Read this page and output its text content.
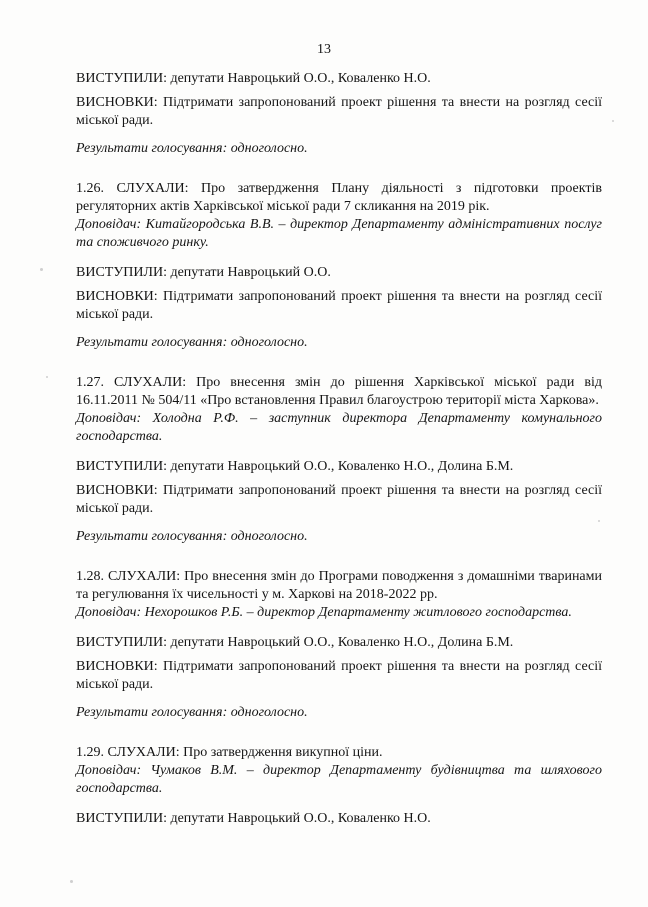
13

ВИСТУПИЛИ: депутати Навроцький О.О., Коваленко Н.О.

ВИСНОВКИ: Підтримати запропонований проект рішення та внести на розгляд сесії міської ради.

Результати голосування: одноголосно.

1.26. СЛУХАЛИ: Про затвердження Плану діяльності з підготовки проектів регуляторних актів Харківської міської ради 7 скликання на 2019 рік.

Доповідач: Китайгородська В.В. – директор Департаменту адміністративних послуг та споживчого ринку.

ВИСТУПИЛИ: депутати Навроцький О.О.

ВИСНОВКИ: Підтримати запропонований проект рішення та внести на розгляд сесії міської ради.

Результати голосування: одноголосно.

1.27. СЛУХАЛИ: Про внесення змін до рішення Харківської міської ради від 16.11.2011 № 504/11 «Про встановлення Правил благоустрою території міста Харкова».

Доповідач: Холодна Р.Ф. – заступник директора Департаменту комунального господарства.

ВИСТУПИЛИ: депутати Навроцький О.О., Коваленко Н.О., Долина Б.М.

ВИСНОВКИ: Підтримати запропонований проект рішення та внести на розгляд сесії міської ради.

Результати голосування: одноголосно.

1.28. СЛУХАЛИ: Про внесення змін до Програми поводження з домашніми тваринами та регулювання їх чисельності у м. Харкові на 2018-2022 рр.

Доповідач: Нехорошков Р.Б. – директор Департаменту житлового господарства.

ВИСТУПИЛИ: депутати Навроцький О.О., Коваленко Н.О., Долина Б.М.

ВИСНОВКИ: Підтримати запропонований проект рішення та внести на розгляд сесії міської ради.

Результати голосування: одноголосно.

1.29. СЛУХАЛИ: Про затвердження викупної ціни.

Доповідач: Чумаков В.М. – директор Департаменту будівництва та шляхового господарства.

ВИСТУПИЛИ: депутати Навроцький О.О., Коваленко Н.О.
